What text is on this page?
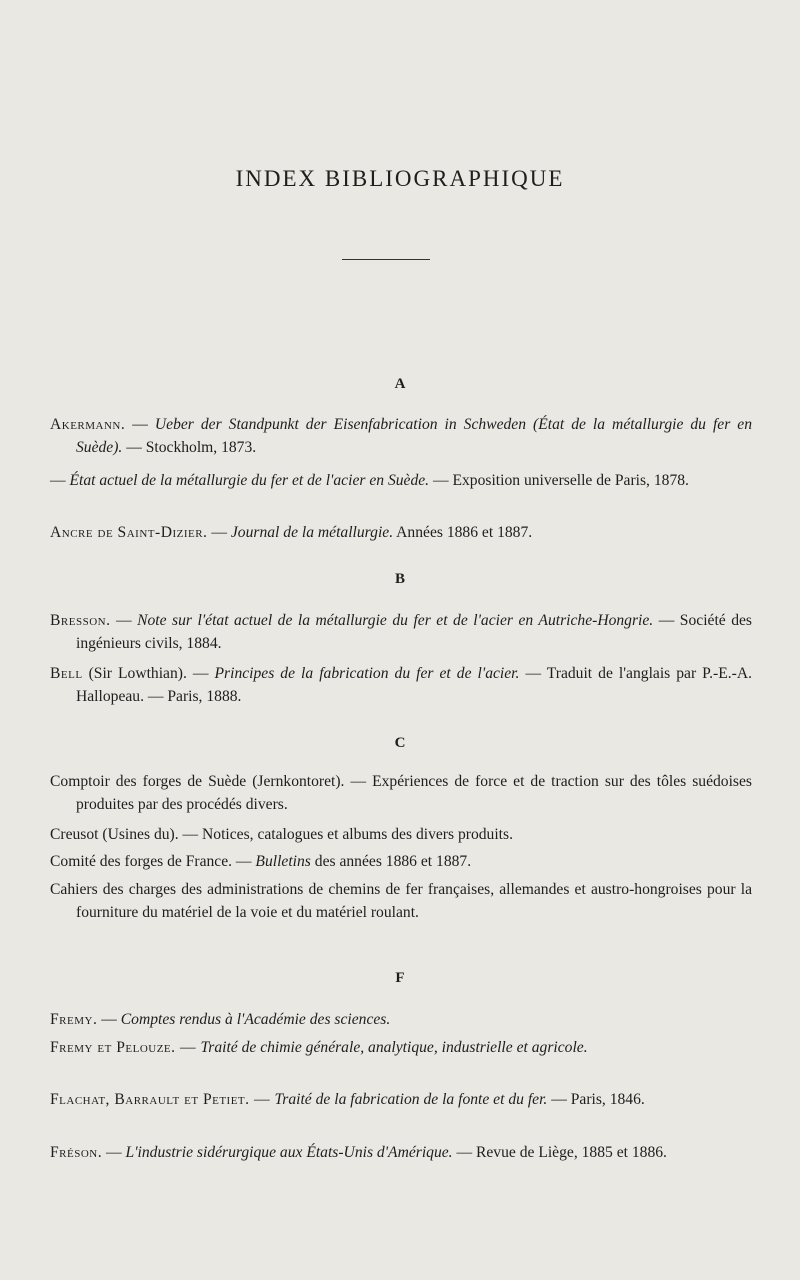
INDEX BIBLIOGRAPHIQUE
A
Akermann. — Ueber der Standpunkt der Eisenfabrication in Schweden (État de la métallurgie du fer en Suède). — Stockholm, 1873.
— État actuel de la métallurgie du fer et de l'acier en Suède. — Exposition universelle de Paris, 1878.
Ancre de Saint-Dizier. — Journal de la métallurgie. Années 1886 et 1887.
B
Bresson. — Note sur l'état actuel de la métallurgie du fer et de l'acier en Autriche-Hongrie. — Société des ingénieurs civils, 1884.
Bell (Sir Lowthian). — Principes de la fabrication du fer et de l'acier. — Traduit de l'anglais par P.-E.-A. Hallopeau. — Paris, 1888.
C
Comptoir des forges de Suède (Jernkontoret). — Expériences de force et de traction sur des tôles suédoises produites par des procédés divers.
Creusot (Usines du). — Notices, catalogues et albums des divers produits.
Comité des forges de France. — Bulletins des années 1886 et 1887.
Cahiers des charges des administrations de chemins de fer françaises, allemandes et austro-hongroises pour la fourniture du matériel de la voie et du matériel roulant.
F
Fremy. — Comptes rendus à l'Académie des sciences.
Fremy et Pelouze. — Traité de chimie générale, analytique, industrielle et agricole.
Flachat, Barrault et Petiet. — Traité de la fabrication de la fonte et du fer. — Paris, 1846.
Fréson. — L'industrie sidérurgique aux États-Unis d'Amérique. — Revue de Liège, 1885 et 1886.
